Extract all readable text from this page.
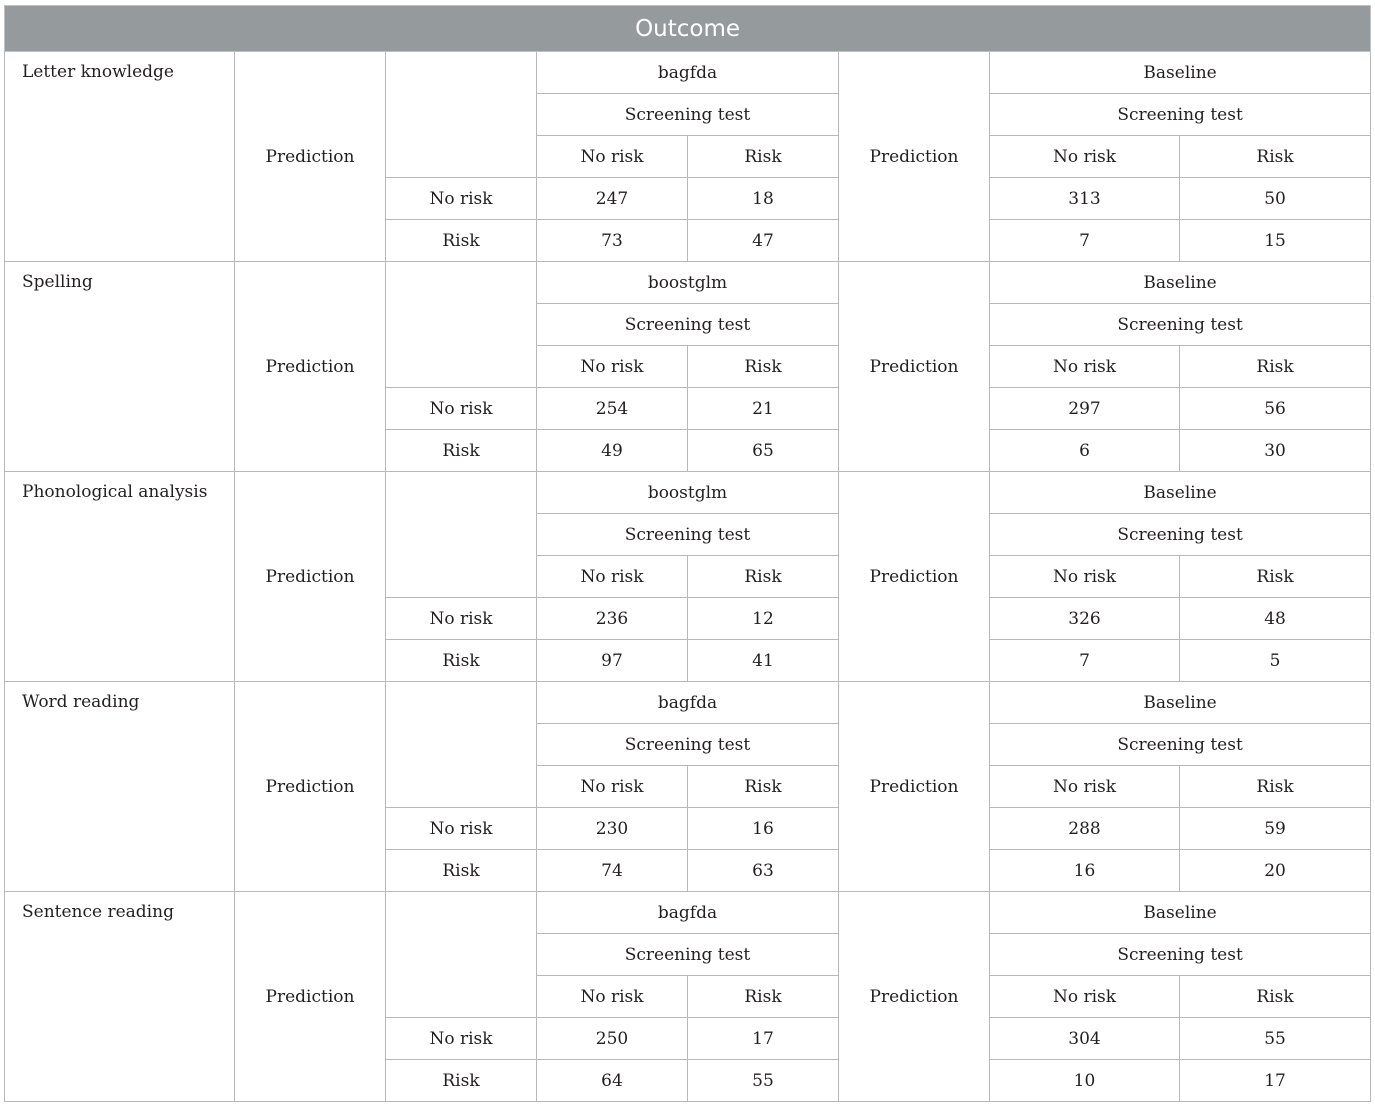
Outcome							
Letter knowledge	Prediction		bagfda		Prediction	Baseline	
			Screening test			Screening test	
			No risk	Risk		No risk	Risk
		No risk	247	18		313	50
		Risk	73	47		7	15
Spelling	Prediction		boostglm		Prediction	Baseline	
			Screening test			Screening test	
			No risk	Risk		No risk	Risk
		No risk	254	21		297	56
		Risk	49	65		6	30
Phonological analysis	Prediction		boostglm		Prediction	Baseline	
			Screening test			Screening test	
			No risk	Risk		No risk	Risk
		No risk	236	12		326	48
		Risk	97	41		7	5
Word reading	Prediction		bagfda		Prediction	Baseline	
			Screening test			Screening test	
			No risk	Risk		No risk	Risk
		No risk	230	16		288	59
		Risk	74	63		16	20
Sentence reading	Prediction		bagfda		Prediction	Baseline	
			Screening test			Screening test	
			No risk	Risk		No risk	Risk
		No risk	250	17		304	55
		Risk	64	55		10	17
